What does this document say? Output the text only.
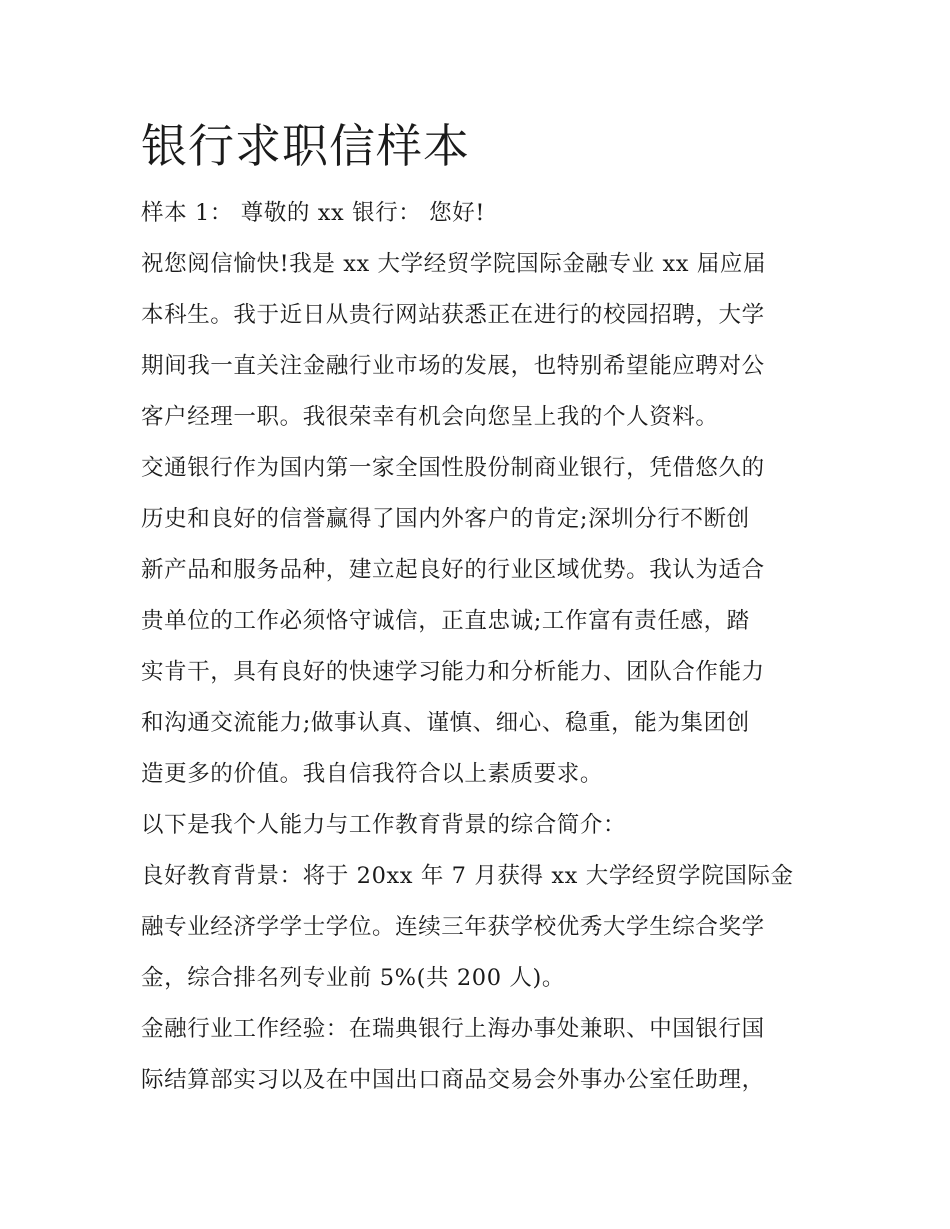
银行求职信样本

样本 1： 尊敬的 xx 银行： 您好!

祝您阅信愉快!我是 xx 大学经贸学院国际金融专业 xx 届应届

本科生。我于近日从贵行网站获悉正在进行的校园招聘，大学

期间我一直关注金融行业市场的发展，也特别希望能应聘对公

客户经理一职。我很荣幸有机会向您呈上我的个人资料。

交通银行作为国内第一家全国性股份制商业银行，凭借悠久的

历史和良好的信誉赢得了国内外客户的肯定;深圳分行不断创

新产品和服务品种，建立起良好的行业区域优势。我认为适合

贵单位的工作必须恪守诚信，正直忠诚;工作富有责任感，踏

实肯干，具有良好的快速学习能力和分析能力、团队合作能力

和沟通交流能力;做事认真、谨慎、细心、稳重，能为集团创

造更多的价值。我自信我符合以上素质要求。

以下是我个人能力与工作教育背景的综合简介：

良好教育背景：将于 20xx 年 7 月获得 xx 大学经贸学院国际金

融专业经济学学士学位。连续三年获学校优秀大学生综合奖学

金，综合排名列专业前 5%(共 200 人)。

金融行业工作经验：在瑞典银行上海办事处兼职、中国银行国

际结算部实习以及在中国出口商品交易会外事办公室任助理，
